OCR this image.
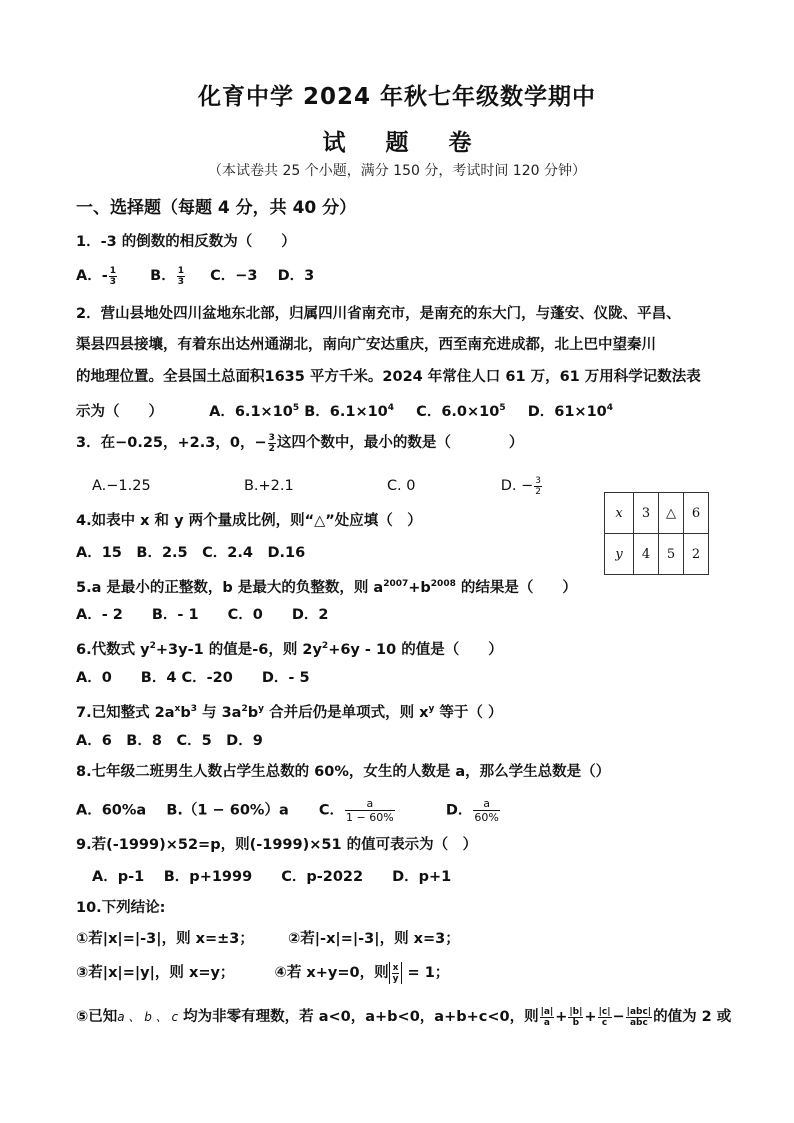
化育中学 2024 年秋七年级数学期中
试 题 卷
（本试卷共 25 个小题，满分 150 分，考试时间 120 分钟）
一、选择题（每题 4 分，共 40 分）
1．-3 的倒数的相反数为（　　）
A．- $\frac{1}{3}$ B． $\frac{1}{3}$ C．−3 D．3
2．营山县地处四川盆地东北部，归属四川省南充市，是南充的东大门，与蓬安、仪陇、平昌、
渠县四县接壤，有着东出达州通湖北，南向广安达重庆，西至南充进成都，北上巴中望秦川
的地理位置。全县国土总面积1635 平方千米。2024 年常住人口 61 万，61 万用科学记数法表
示为（　　）	A．$6.1\times 10^5$ B．$6.1\times 10^4$ C．$6.0\times 10^5$ D．$61\times 10^4$
3．在−0.25，+2.3，0，− $\frac{3}{2}$ 这四个数中，最小的数是（　　　　）
A.−1.25	B.+2.1	C. 0	D. − $\frac{3}{2}$
x	3	△	6
y	4	5	2
4.如表中 x 和 y 两个量成比例，则“△”处应填（　）
A．15　B．2.5　C．2.4　D.16
5.a 是最小的正整数，b 是最大的负整数，则 $a^{2007}+b^{2008}$ 的结果是（　　）
A．- 2　　B．- 1　　C．0　　D．2
6.代数式 $y^2+3y-1$ 的值是-6，则 $2y^2+6y - 10$ 的值是（　　）
A．0　　B．4 C．-20　　D．- 5
7.已知整式 $2a^xb^3$ 与 $3a^2b^y$ 合并后仍是单项式，则 $x^y$ 等于（ ）
A．6　B．8　C．5　D．9
8.七年级二班男生人数占学生总数的 60%，女生的人数是 a，那么学生总数是（）
A．60%a B.（1 − 60%）a C． $\frac{a}{1 - 60\%}$	D． $\frac{a}{60\%}$
9.若(-1999)×52=p，则(-1999)×51 的值可表示为（　）
A．p-1　 B．p+1999　　C．p-2022　　D．p+1
10.下列结论:
①若|x|=|-3|，则 x=±3； ②若|-x|=|-3|，则 x=3；
③若|x|=|y|，则 x=y；	④若 x+y=0，则 $\frac{x}{y} = 1$；
⑤已知a 、 b 、 c 均为非零有理数，若 a<0，a+b<0，a+b+c<0，则 $\frac{|a|}{a} + \frac{|b|}{b} + \frac{|c|}{c} - |abc|$
abc 的值为 2 或
